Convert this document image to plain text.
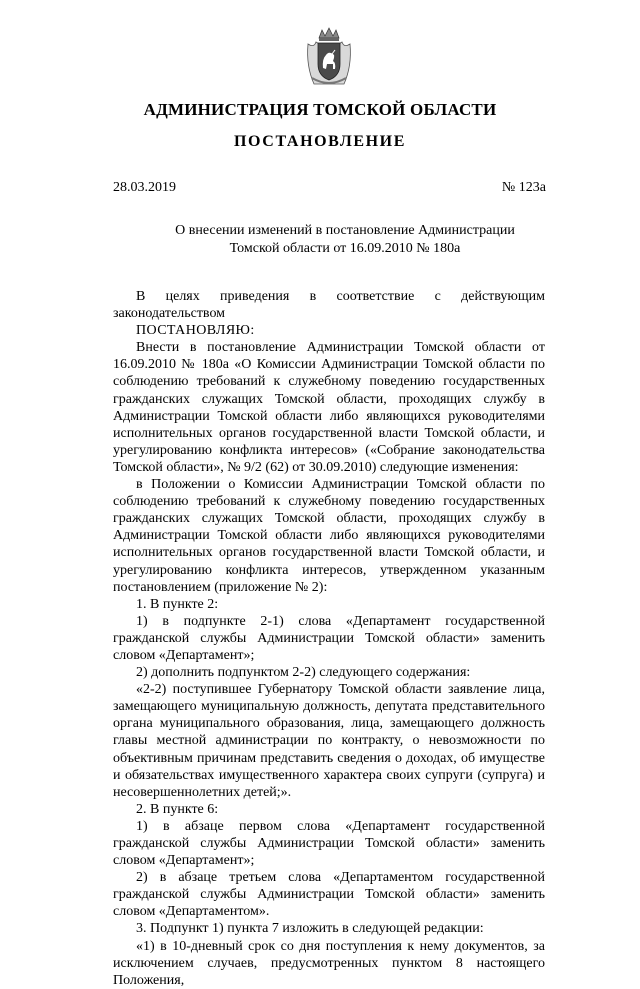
АДМИНИСТРАЦИЯ ТОМСКОЙ ОБЛАСТИ
ПОСТАНОВЛЕНИЕ
28.03.2019	№ 123а
О внесении изменений в постановление Администрации
Томской области от 16.09.2010 № 180а

В целях приведения в соответствие с действующим законодательством

ПОСТАНОВЛЯЮ:

Внести в постановление Администрации Томской области от 16.09.2010 № 180а «О Комиссии Администрации Томской области по соблюдению требований к служебному поведению государственных гражданских служащих Томской области, проходящих службу в Администрации Томской области либо являющихся руководителями исполнительных органов государственной власти Томской области, и урегулированию конфликта интересов» («Собрание законодательства Томской области», № 9/2 (62) от 30.09.2010) следующие изменения:

в Положении о Комиссии Администрации Томской области по соблюдению требований к служебному поведению государственных гражданских служащих Томской области, проходящих службу в Администрации Томской области либо являющихся руководителями исполнительных органов государственной власти Томской области, и урегулированию конфликта интересов, утвержденном указанным постановлением (приложение № 2):

1. В пункте 2:

1) в подпункте 2-1) слова «Департамент государственной гражданской службы Администрации Томской области» заменить словом «Департамент»;

2) дополнить подпунктом 2-2) следующего содержания:

«2-2) поступившее Губернатору Томской области заявление лица, замещающего муниципальную должность, депутата представительного органа муниципального образования, лица, замещающего должность главы местной администрации по контракту, о невозможности по объективным причинам представить сведения о доходах, об имуществе и обязательствах имущественного характера своих супруги (супруга) и несовершеннолетних детей;».

2. В пункте 6:

1) в абзаце первом слова «Департамент государственной гражданской службы Администрации Томской области» заменить словом «Департамент»;

2) в абзаце третьем слова «Департаментом государственной гражданской службы Администрации Томской области» заменить словом «Департаментом».

3. Подпункт 1) пункта 7 изложить в следующей редакции:

«1) в 10-дневный срок со дня поступления к нему документов, за исключением случаев, предусмотренных пунктом 8 настоящего Положения,
